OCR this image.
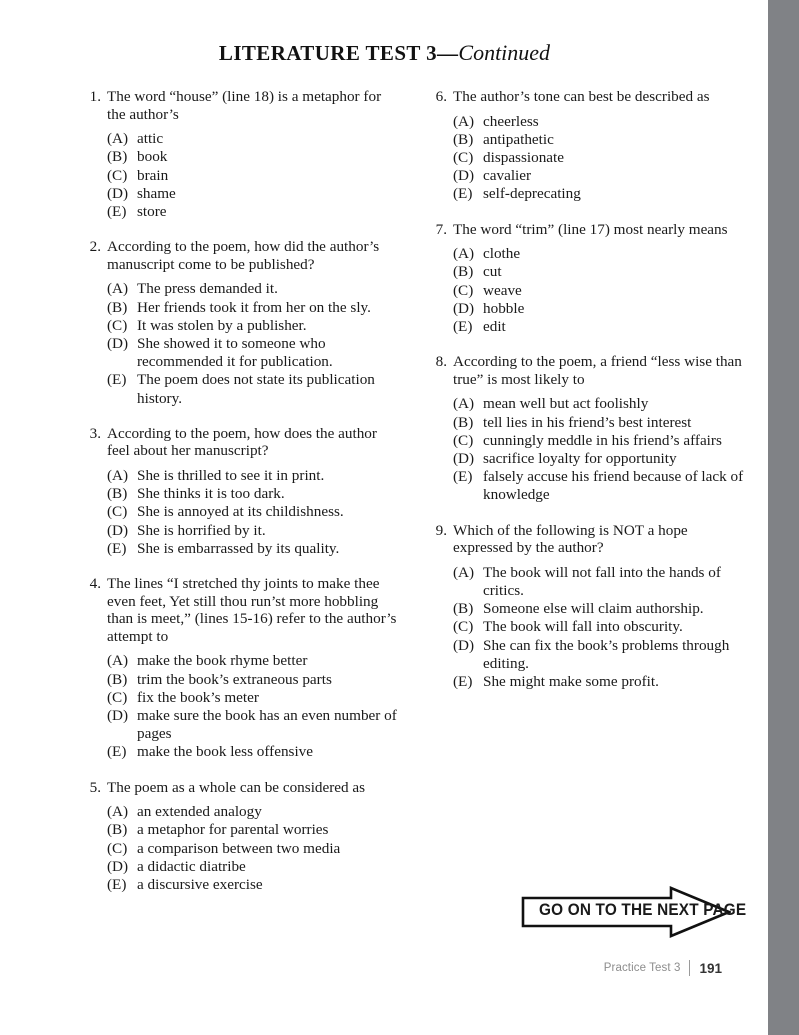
LITERATURE TEST 3—Continued
1. The word “house” (line 18) is a metaphor for the author’s
(A) attic
(B) book
(C) brain
(D) shame
(E) store
2. According to the poem, how did the author’s manuscript come to be published?
(A) The press demanded it.
(B) Her friends took it from her on the sly.
(C) It was stolen by a publisher.
(D) She showed it to someone who recommended it for publication.
(E) The poem does not state its publication history.
3. According to the poem, how does the author feel about her manuscript?
(A) She is thrilled to see it in print.
(B) She thinks it is too dark.
(C) She is annoyed at its childishness.
(D) She is horrified by it.
(E) She is embarrassed by its quality.
4. The lines “I stretched thy joints to make thee even feet, Yet still thou run’st more hobbling than is meet,” (lines 15-16) refer to the author’s attempt to
(A) make the book rhyme better
(B) trim the book’s extraneous parts
(C) fix the book’s meter
(D) make sure the book has an even number of pages
(E) make the book less offensive
5. The poem as a whole can be considered as
(A) an extended analogy
(B) a metaphor for parental worries
(C) a comparison between two media
(D) a didactic diatribe
(E) a discursive exercise
6. The author’s tone can best be described as
(A) cheerless
(B) antipathetic
(C) dispassionate
(D) cavalier
(E) self-deprecating
7. The word “trim” (line 17) most nearly means
(A) clothe
(B) cut
(C) weave
(D) hobble
(E) edit
8. According to the poem, a friend “less wise than true” is most likely to
(A) mean well but act foolishly
(B) tell lies in his friend’s best interest
(C) cunningly meddle in his friend’s affairs
(D) sacrifice loyalty for opportunity
(E) falsely accuse his friend because of lack of knowledge
9. Which of the following is NOT a hope expressed by the author?
(A) The book will not fall into the hands of critics.
(B) Someone else will claim authorship.
(C) The book will fall into obscurity.
(D) She can fix the book’s problems through editing.
(E) She might make some profit.
GO ON TO THE NEXT PAGE
Practice Test 3 191
